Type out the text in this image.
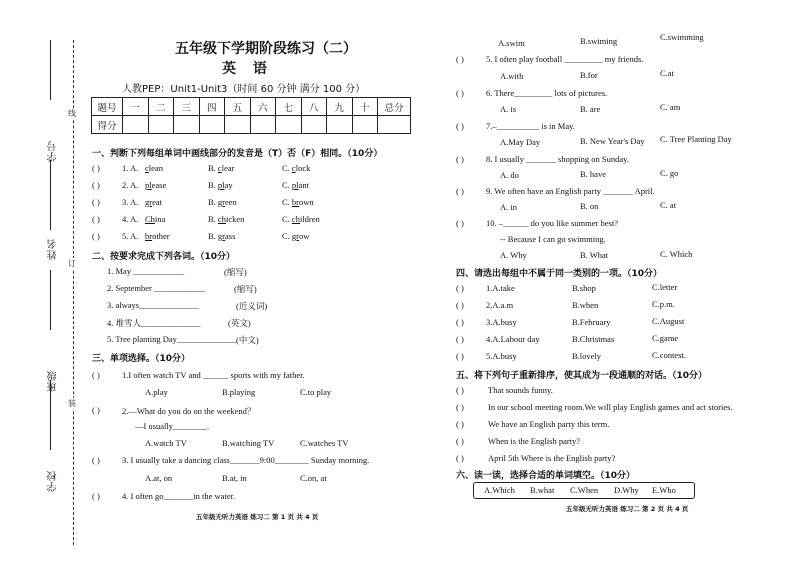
线
订
装
学号
姓名
班级
学校
五年级下学期阶段练习（二）
英 语
人教PEP：Unit1-Unit3（时间 60 分钟 满分 100 分）
题号	一	二	三	四	五	六	七	八	九	十	总分
得分											
一、判断下列每组单词中画线部分的发音是（T）否（F）相同。（10分）
( )	1. A. clean	B. clear	C. clock
( )	2. A. please	B. play	C. plant
( )	3. A. great	B. green	C. brown
( )	4. A. China	B. chicken	C. children
( )	5. A. brother	B. grass	C. grow
二、按要求完成下列各词。（10分）
1. May ____________	(缩写)
2. September ____________	(缩写)
3. always______________	(近义词)
4. 堆雪人______________	(英文)
5. Tree planting Day______________ (中文)
三、单项选择。（10分）
( )	1.I often watch TV and ______ sports with my father.
A.play	B.playing	C.to play
( )	2.—What do you do on the weekend？
—I usually________.
A.watch TV	B.watching TV	C.watches TV
( )	3. I usually take a dancing class_______9:00________ Sunday morning.
A.at, on	B.at, in	C.on, at
( )	4. I often go_______in the water.
五年级无听力英语 练习二 第 1 页 共 4 页
A.swim	B.swiming	C.swimming
( )	5. I often play football _________ my friends.
A.with	B.for	C.at
( )	6. There_________ lots of pictures.
A. is	B. are	C. am
( )	7.–__________ is in May.
A.May Day	B. New Year's Day C. Tree Planting Day
( )	8. I usually _______ shopping on Sunday.
A. do	B. have	C. go
( )	9. We often have an English party _______ April.
A. in	B. on	C. at
( )	10. –______ do you like summer best?
-- Because I can go swimming.
A. Why	B. What	C. Which
四、请选出每组中不属于同一类别的一项。（10分）
( )	1.A.take	B.shop	C.letter
( )	2.A.a.m	B.when	C.p.m.
( )	3.A.busy	B.February	C.August
( )	4.A.Labour day	B.Christmas	C.game
( )	5.A.busy	B.lovely	C.contest.
五、将下列句子重新排序，使其成为一段通顺的对话。（10分）
( )	That sounds funny.
( )	In our school meeting room.We will play English games and act stories.
( )	We have an English party this term.
( )	When is the English party?
( )	April 5th Where is the English party?
六、读一读，选择合适的单词填空。（10分）
A.Which B.what C.When D.Why E.Who
五年级无听力英语 练习二 第 2 页 共 4 页
